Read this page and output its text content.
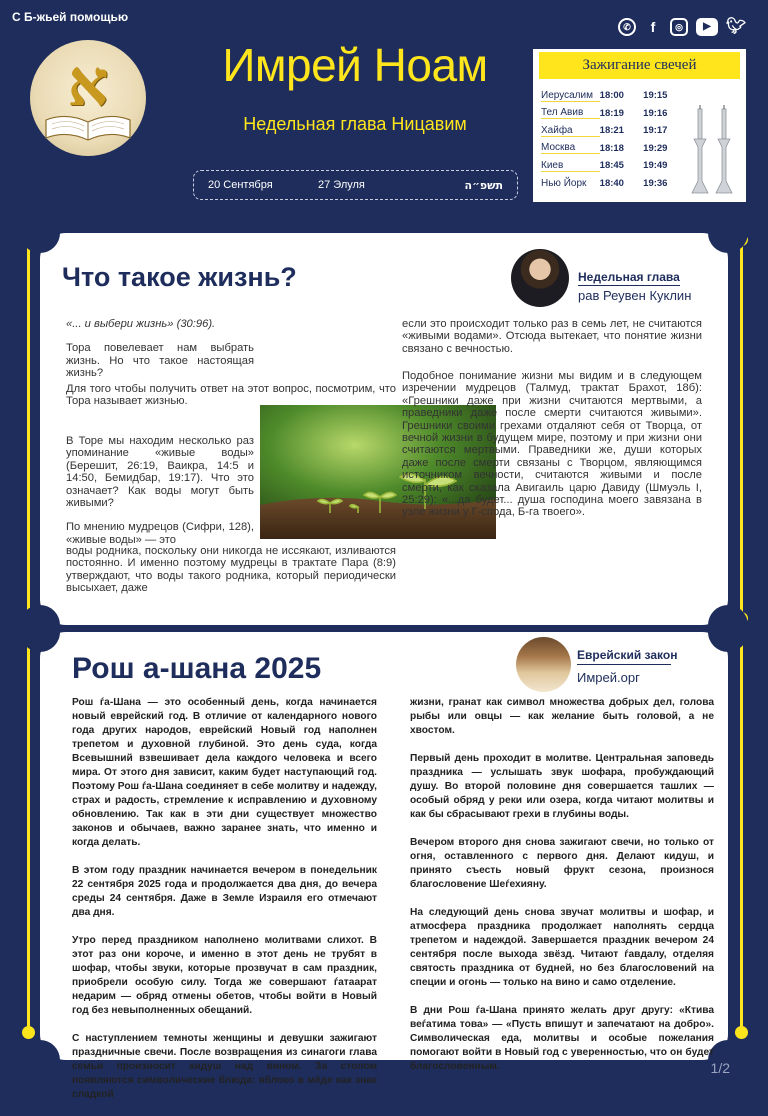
С Б-жьей помощью
א	Имрей Ноам
Недельная глава Ницавим
20 Сентября	27 Элуля	תשפ״ה
✆	f	◎	▶ 🐦︎
Зажигание свечей
Иерусалим 18:00	19:15
Тел Авив	18:19	19:16
Хайфа	18:21	19:17
Москва	18:18	19:29
Киев	18:45	19:49
Нью Йорк	18:40	19:36
Что такое жизнь?	Недельная глава
рав Реувен Куклин

«... и выбери жизнь» (30:96).

Тора повелевает нам выбрать жизнь. Но что такое настоящая жизнь?

Для того чтобы получить ответ на этот вопрос, посмотрим, что Тора называет жизнью.

В Торе мы находим несколько раз упоминание «живые воды» (Берешит, 26:19, Ваикра, 14:5 и 14:50, Бемидбар, 19:17). Что это означает? Как воды могут быть живыми?

По мнению мудрецов (Сифри, 128), «живые воды» — это

воды родника, поскольку они никогда не иссякают, изливаются постоянно. И именно поэтому мудрецы в трактате Пара (8:9) утверждают, что воды такого родника, который периодически высыхает, даже

если это происходит только раз в семь лет, не считаются «живыми водами». Отсюда вытекает, что понятие жизни связано с вечностью.

Подобное понимание жизни мы видим и в следующем изречении мудрецов (Талмуд, трактат Брахот, 18б): «Грешники даже при жизни считаются мертвыми, а праведники даже после смерти считаются живыми». Грешники своими грехами отдаляют себя от Творца, от вечной жизни в будущем мире, поэтому и при жизни они считаются мертвыми. Праведники же, души которых даже после смерти связаны с Творцом, являющимся источником вечности, считаются живыми и после смерти, как сказала Авигаиль царю Давиду (Шмуэль I, 25:29): «...да будет... душа господина моего завязана в узле жизни у Г-спода, Б-га твоего».

Рош а-шана 2025	Еврейский закон
Имрей.орг

Рош ѓа-Шана — это особенный день, когда начинается новый еврейский год. В отличие от календарного нового года других народов, еврейский Новый год наполнен трепетом и духовной глубиной. Это день суда, когда Всевышний взвешивает дела каждого человека и всего мира. От этого дня зависит, каким будет наступающий год. Поэтому Рош ѓа-Шана соединяет в себе молитву и надежду, страх и радость, стремление к исправлению и духовному обновлению. Так как в эти дни существует множество законов и обычаев, важно заранее знать, что именно и когда делать.

В этом году праздник начинается вечером в понедельник 22 сентября 2025 года и продолжается два дня, до вечера среды 24 сентября. Даже в Земле Израиля его отмечают два дня.

Утро перед праздником наполнено молитвами слихот. В этот раз они короче, и именно в этот день не трубят в шофар, чтобы звуки, которые прозвучат в сам праздник, приобрели особую силу. Тогда же совершают ѓатаарат недарим — обряд отмены обетов, чтобы войти в Новый год без невыполненных обещаний.

С наступлением темноты женщины и девушки зажигают праздничные свечи. После возвращения из синагоги глава семьи произносит кидуш над вином. За столом появляются символические блюда: яблоко в мёде как знак сладкой

жизни, гранат как символ множества добрых дел, голова рыбы или овцы — как желание быть головой, а не хвостом.

Первый день проходит в молитве. Центральная заповедь праздника — услышать звук шофара, пробуждающий душу. Во второй половине дня совершается ташлих — особый обряд у реки или озера, когда читают молитвы и как бы сбрасывают грехи в глубины воды.

Вечером второго дня снова зажигают свечи, но только от огня, оставленного с первого дня. Делают кидуш, и принято съесть новый фрукт сезона, произнося благословение Шеѓехияну.

На следующий день снова звучат молитвы и шофар, и атмосфера праздника продолжает наполнять сердца трепетом и надеждой. Завершается праздник вечером 24 сентября после выхода звёзд. Читают ѓавдалу, отделяя святость праздника от будней, но без благословений на специи и огонь — только на вино и само отделение.

В дни Рош ѓа-Шана принято желать друг другу: «Ктива веѓатима това» — «Пусть впишут и запечатают на добро». Символическая еда, молитвы и особые пожелания помогают войти в Новый год с уверенностью, что он будет благословенным.	1/2
